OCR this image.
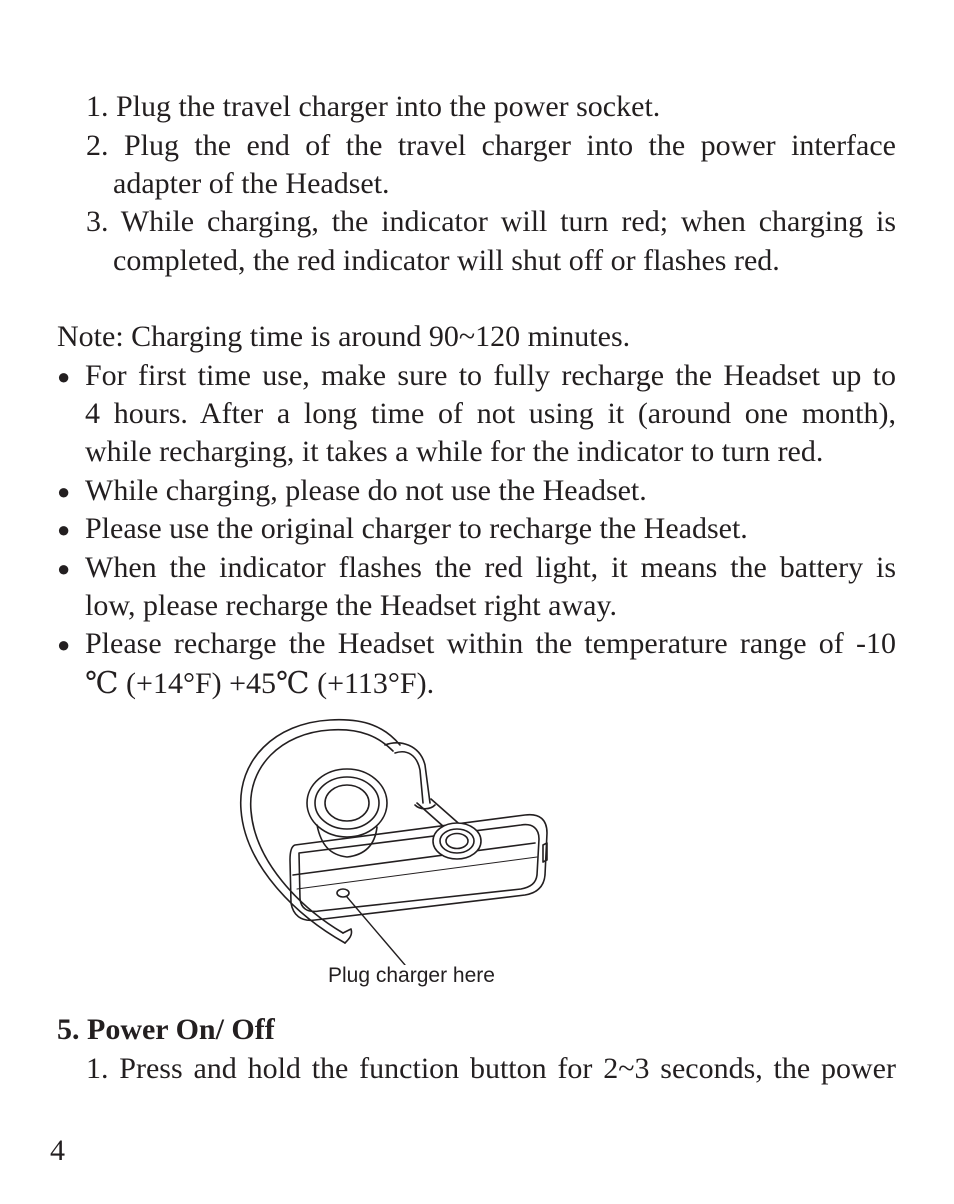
1. Plug the travel charger into the power socket.
2. Plug the end of the travel charger into the power interface
adapter of the Headset.
3. While charging, the indicator will turn red; when charging is
completed, the red indicator will shut off or flashes red.
Note: Charging time is around 90~120 minutes.
● For first time use, make sure to fully recharge the Headset up to
4 hours. After a long time of not using it (around one month),
while recharging, it takes a while for the indicator to turn red.
● While charging, please do not use the Headset.
● Please use the original charger to recharge the Headset.
● When the indicator flashes the red light, it means the battery is
low, please recharge the Headset right away.
● Please recharge the Headset within the temperature range of -10
℃ (+14°F) +45℃ (+113°F).
Plug charger here
5. Power On/ Off
1. Press and hold the function button for 2~3 seconds, the power
4
